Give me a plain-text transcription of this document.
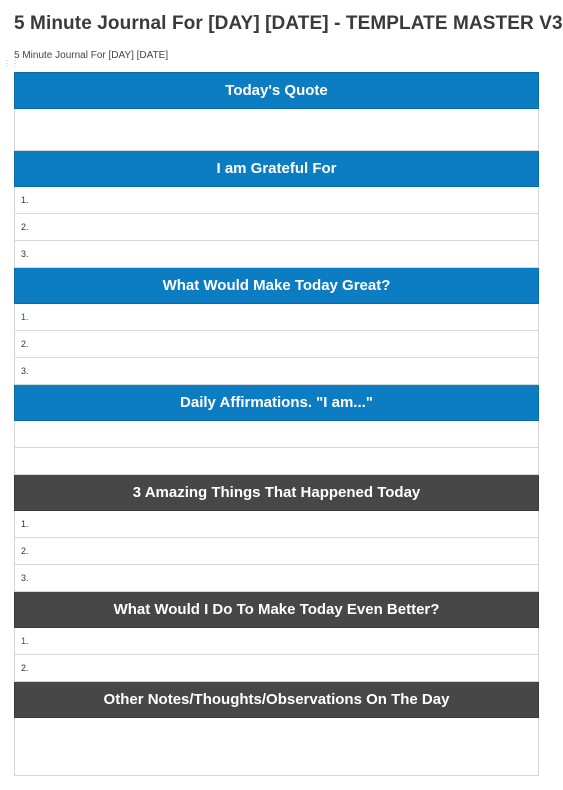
5 Minute Journal For [DAY] [DATE] - TEMPLATE MASTER V3
5 Minute Journal For [DAY] [DATE]
⋮⋮
Today's Quote

I am Grateful For
1.
2.
3.
What Would Make Today Great?
1.
2.
3.
Daily Affirmations. "I am..."

3 Amazing Things That Happened Today
1.
2.
3.
What Would I Do To Make Today Even Better?
1.
2.
Other Notes/Thoughts/Observations On The Day
